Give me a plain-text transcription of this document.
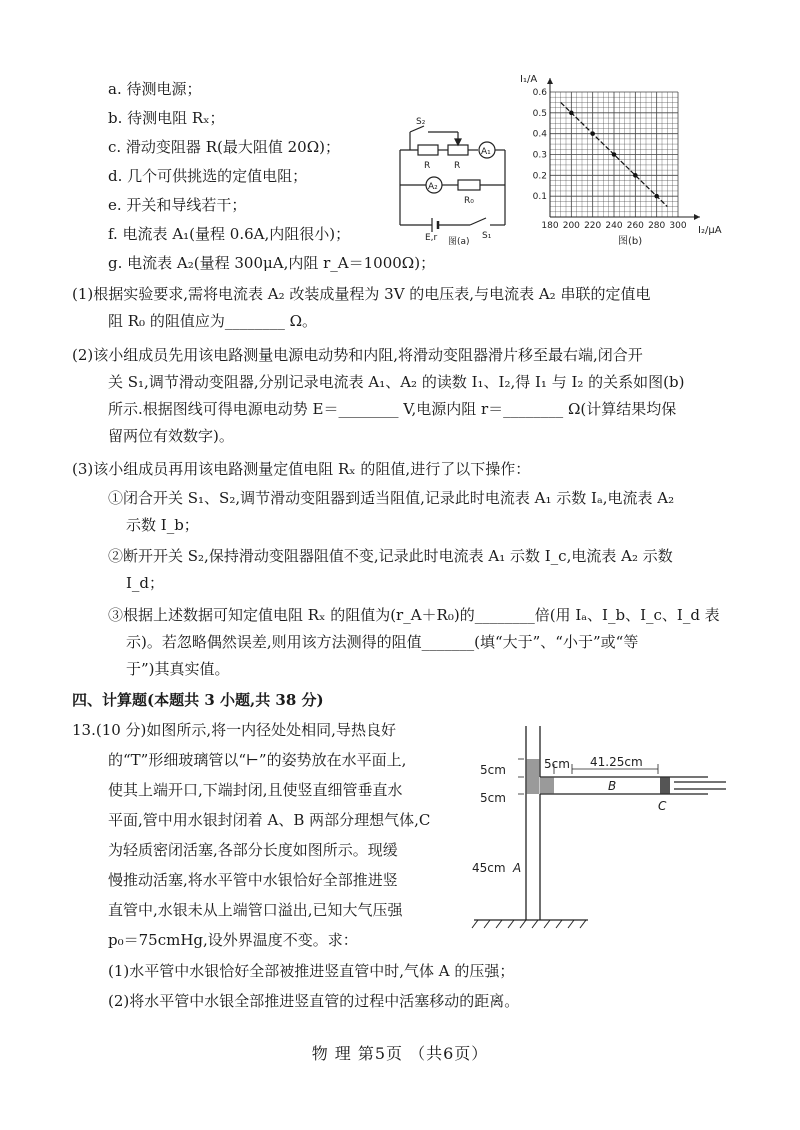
a. 待测电源；
b. 待测电阻 Rₓ；
c. 滑动变阻器 R(最大阻值 20Ω)；
d. 几个可供挑选的定值电阻；
e. 开关和导线若干；
f. 电流表 A₁(量程 0.6A,内阻很小)；
g. 电流表 A₂(量程 300μA,内阻 r_A＝1000Ω)；
S₂
R	R
A₁
A₂
R₀
E,r	S₁
图(a)
180 200 220 240 260 280 300
0.1
0.2
0.3
0.4
0.5
0.6
I₁/A
I₂/μA
图(b)
(1)根据实验要求,需将电流表 A₂ 改装成量程为 3V 的电压表,与电流表 A₂ 串联的定值电
阻 R₀ 的阻值应为________ Ω。
(2)该小组成员先用该电路测量电源电动势和内阻,将滑动变阻器滑片移至最右端,闭合开
关 S₁,调节滑动变阻器,分别记录电流表 A₁、A₂ 的读数 I₁、I₂,得 I₁ 与 I₂ 的关系如图(b)
所示.根据图线可得电源电动势 E＝________ V,电源内阻 r＝________ Ω(计算结果均保
留两位有效数字)。
(3)该小组成员再用该电路测量定值电阻 Rₓ 的阻值,进行了以下操作：
①闭合开关 S₁、S₂,调节滑动变阻器到适当阻值,记录此时电流表 A₁ 示数 Iₐ,电流表 A₂
示数 I_b；
②断开开关 S₂,保持滑动变阻器阻值不变,记录此时电流表 A₁ 示数 I_c,电流表 A₂ 示数
I_d；
③根据上述数据可知定值电阻 Rₓ 的阻值为(r_A＋R₀)的________倍(用 Iₐ、I_b、I_c、I_d 表
示)。若忽略偶然误差,则用该方法测得的阻值_______(填“大于”、“小于”或“等
于”)其真实值。
四、计算题(本题共 3 小题,共 38 分)
13.(10 分)如图所示,将一内径处处相同,导热良好
的“T”形细玻璃管以“⊢”的姿势放在水平面上,
使其上端开口,下端封闭,且使竖直细管垂直水
平面,管中用水银封闭着 A、B 两部分理想气体,C
为轻质密闭活塞,各部分长度如图所示。现缓
慢推动活塞,将水平管中水银恰好全部推进竖
直管中,水银未从上端管口溢出,已知大气压强
p₀＝75cmHg,设外界温度不变。求：
(1)水平管中水银恰好全部被推进竖直管中时,气体 A 的压强；
(2)将水平管中水银全部推进竖直管的过程中活塞移动的距离。
5cm
5cm
45cm
5cm 41.25cm
A
B
C
物 理 第5页 （共6页）
